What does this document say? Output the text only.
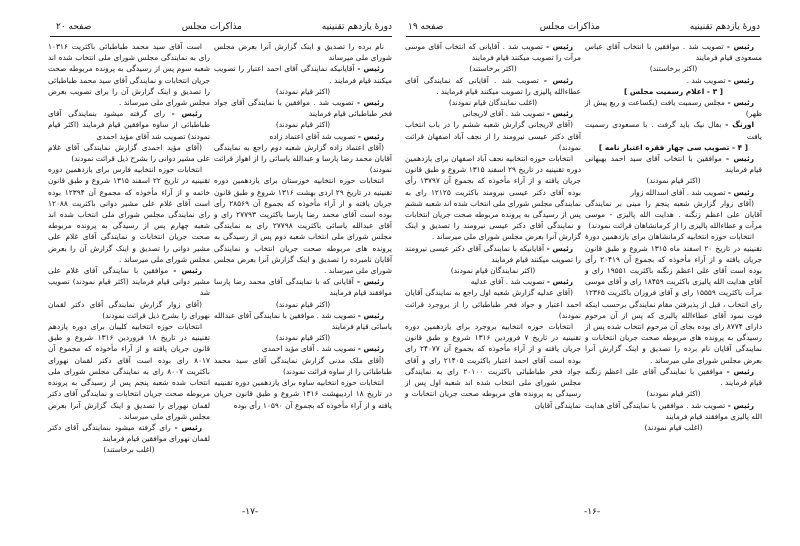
دورهٔ یازدهم تقنینیه
مذاکرات مجلس
صفحه ۲۰

نام برده را تصدیق و اینک گزارش آنرا بعرض مجلس شورای ملی میرساند

رئیس - آقایانیکه نمایندگی آقای احمد اعتبار را تصویب میکنند قیام فرمایند .

(اکثر قیام نمودند)

رئیس - تصویب شد . موافقین با نمایندگی آقای جواد فخر طباطبائی قیام فرمایند

(اکثر قیام نمودند)

رئیس - تصویب شد آقای اعتماد زاده

(آقای اعتماد زاده گزارش شعبه دوم راجع به نمایندگی آقایان محمد رضا پارسا و عبدالله یاسائی را از اهواز قرائت نمودند)

انتخابات حوزه انتخابیه خوزستان برای یازدهمین دوره تقنینیه در تاریخ ۲۹ اردی بهشت ۱۳۱۶ شروع و طبق قانون جریان یافته و از آراء مأخوذه که بجموع آن ۲۸۵۶۹ رأی بوده است آقای محمد رضا پارسا باکثریت ۲۷۷۹۳ رای و آقای عبدالله یاسائی باکثریت ۲۷۷۹۸ رای به نمایندگی مجلس شورای ملی انتخاب شعبه دوم پس از رسیدگی به پرونده های مربوطه صحت جریان انتخاب و نمایندگی آقایان نامبرده را تصدیق و اینک گزارش آنرا بعرض مجلس شورای ملی میرساند .

رئیس - آقایانی که با نمایندگی آقای محمد رضا پارسا موافقند قیام فرمایند

(اکثر قیام نمودند)

رئیس - تصویب شد . موافقین با نمایندگی آقای عبدالله یاسائی قیام فرمایند

(اکثر قیام نمودند)

رئیس - تصویب شد . آقای مؤید احمدی

(آقای ملک مدنی گزارش نمایندگی آقای سید محمد طباطبائی را از ساوه قرائت نمودند)

انتخابات حوزه انتخابیه ساوه برای یازدهمین دوره تقنینیه در تاریخ ۱۸ اردیبهشت ۱۳۱۶ شروع و طبق قانون جریان یافته و از آراء مأخوذه که بجموع آن ۱۰۵۹۰ رأی بوده

است آقای سید محمد طباطبائی باکثریت ۱۰۳۱۶ رای به نمایندگی مجلس شورای ملی انتخاب شده اند شعبه سوم پس از رسیدگی به پرونده مربوطه صحت جریان انتخابات و نمایندگی آقای سید محمد طباطبائی را تصدیق و اینک گزارش آن را برای تصویب بعرض مجلس شورای ملی میرساند .

رئیس - رای گرفته میشود بنمایندگی آقای طباطبائی از ساوه موافقین قیام فرمایند (اکثر قیام نمودند) تصویب شد آقای مؤید احمدی

(آقای مؤید احمدی گزارش نمایندگی آقای غلام علی مشیر دوانی را بشرح ذیل قرائت نمودند)

انتخابات حوزه انتخابیه فارس برای یازدهمین دوره تقنینیه در تاریخ ۲۲ اسفند ۱۳۱۵ شروع و طبق قانون خاتمه و از آراء مأخوذه که مجموع آن ۱۲۳۹۴ بوده است آقای غلام علی مشیر دوانی باکثریت ۱۲۰۸۸ رای نمایندگی مجلس شورای ملی انتخاب شده اند شعبه چهارم پس از رسیدگی به پرونده مربوطه صحت جریان انتخابات و نمایندگی آقای غلام علی مشیر دوانی را تصدیق و اینک گزارش آن را بعرض مجلس شورای ملی میرساند .

رئیس - موافقین با نمایندگی آقای غلام علی مشیر دوانی قیام فرمایند (اکثر قیام نمودند) تصویب شد

(آقای زوار گزارش نمایندگی آقای دکتر لقمان نهورای را بشرح ذیل قرائت نمودند)

انتخابات حوزه انتخابیه کلیبان برای دوره یازدهم تقنینیه در تاریخ ۱۸ فروردین ۱۳۱۶ شروع و طبق قانون جریان یافته و از آراء مأخوذه که مجموع آن ۸۰۱۷ رای بوده است آقای دکتر لقمان نهورای باکثریت ۸۰۰۷ رای به نمایندگی مجلس شورای ملی انتخاب شده شعبه پنجم پس از رسیدگی به پرونده مربوطه صحت جریان انتخابات و نمایندگی آقای دکتر لقمان نهورای را تصدیق و اینک گزارش آنرا بعرض مجلس شورای ملی میرساند .

رئیس - رای گرفته میشود بنمایندگی آقای دکتر لقمان نهورای موافقین قیام فرمایند

(اغلب برخاستند)

-۱۷-
دورهٔ یازدهم تقنینیه
مذاکرات مجلس
صفحه ۱۹

رئیس - تصویب شد . موافقین با انتخاب آقای عباس مسعودی قیام فرمایند

(اکثر برخاستند)

رئیس - تصویب شد .

[ ۳ - اعلام رسمیت مجلس ]

رئیس - مجلس رسمیت یافت (یکساعت و ربع پیش از ظهر)

اورنگ - بفال نیک باید گرفت . با مسعودی رسمیت یافت

[ ۴ - تصویب سی چهار فقره اعتبار نامه ]

رئیس - موافقین با انتخاب آقای سید احمد بهبهانی قیام فرمایند

(اکثر قیام نمودند)

رئیس - تصویب شد . آقای اسدالله زوار

(آقای زوار گزارش شعبه پنجم را مبنی بر نمایندگی آقایان علی اعظم زنگنه . هدایت الله پالیزی - موسی مرآت و عطاءالله پالیزی را از کرمانشاهان قرائت نمودند)

انتخابات حوزه انتخابیه کرمانشاهان برای یازدهمین دورهٔ تقنینیه در تاریخ ۲۰ اسفند ماه ۱۳۱۵ شروع و طبق قانون جریان یافته و از آراء مأخوذه که بجموع آن ۲۰۴۱۹ رأی بوده است آقای علی اعظم زنگنه باکثریت ۱۹۵۵۱ رای و آقای هدایت الله پالیزی باکثریت ۱۸۴۵۹ رای و آقای موسی مرآت باکثریت ۱۵۵۵۹ رای و آقای فروزان باکثریت ۱۲۳۶۵ رای انتخاب ، قبل از پذیرفتن مقام نمایندگی برحسب اینکه فوت نمود آقای عطاءالله پالیزی که پس از آن مرحوم دارای ۸۷۷۴ رای بوده بجای آن مرحوم انتخاب شده پس از رسیدگی به پرونده های مربوطه صحت جریان انتخابات و نمایندگی آقایان نام برده را تصدیق و اینک گزارش آنرا بعرض مجلس شورای ملی میرساند .

رئیس - موافقین با نمایندگی آقای علی اعظم زنگنه قیام فرمایند .

(اکثر قیام نمودند)

رئیس - تصویب شد . موافقین با نمایندگی آقای هدایت الله پالیزی موافقند قیام فرمایند

(اغلب قیام نمودند)

رئیس - تصویب شد . آقایانی که انتخاب آقای موسی مرآت را تصویب میکنند قیام فرمایند

(اکثر برخاستند)

رئیس - تصویب شد . آقایانی که نمایندگی آقای عطاءالله پالیزی را تصویب میکنند قیام فرمایند .

(اغلب نمایندگان قیام نمودند)

رئیس - تصویب شد . آقای لاریجانی

(آقای لاریجانی گزارش شعبه ششم را در باب انتخاب آقای دکتر عیسی نیرومند را از نجف آباد اصفهان قرائت نمودند)

انتخابات حوزه انتخابیه نجف آباد اصفهان برای یازدهمین دوره تقنینیه در تاریخ ۲۹ اسفند ۱۳۱۵ شروع و طبق قانون جریان یافته و از آراء مأخوذه که بجموع آن ۱۳۷۹۷ رأی بوده آقای دکتر عیسی نیرومند باکثریت ۱۲۱۲۵ رای به نمایندگی مجلس شورای ملی انتخاب شده اند شعبه ششم پس از رسیدگی به پرونده مربوطه صحت جریان انتخابات و نمایندگی آقای دکتر عیسی نیرومند را تصدیق و اینک گزارش آنرا بعرض مجلس شورای ملی میرساند .

رئیس - آقایانیکه با نمایندگی آقای دکتر عیسی نیرومند را تصویب میکنند قیام فرمایند

(اکثر نمایندگان قیام نمودند)

رئیس - تصویب شد . آقای عدلیه

(آقای عدلیه گزارش شعبه اول راجع به نمایندگی آقایان احمد اعتبار و جواد فخر طباطبائی را از بروجرد قرائت نمودند)

انتخابات حوزه انتخابیه بروجرد برای یازدهمین دوره تقنینیه در تاریخ ۷ فروردین ۱۳۱۶ شروع و طبق قانون جریان یافته و از آراء مأخوذه که بجموع آن ۲۴۰۷۷ رای بوده است آقای احمد اعتبار باکثریت ۲۱۴۰۵ رای و آقای جواد فخر طباطبائی باکثریت ۲۰۱۰۰ رای به نمایندگی مجلس شورای ملی انتخاب شده اند شعبه اول پس از رسیدگی به پرونده های مربوطه صحت جریان انتخابات و نمایندگی آقایان

-۱۶-
